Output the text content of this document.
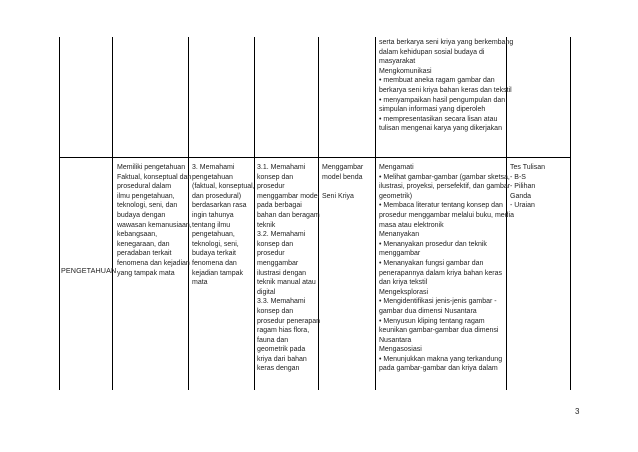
serta berkarya seni kriya yang berkembang
dalam kehidupan sosial budaya di
masyarakat
Mengkomunikasi
• membuat aneka ragam gambar dan
berkarya seni kriya bahan keras dan tekstil
• menyampaikan hasil pengumpulan dan
simpulan informasi yang diperoleh
• mempresentasikan secara lisan atau
tulisan mengenai karya yang dikerjakan
PENGETAHUAN
Memiliki pengetahuan
Faktual, konseptual dan
prosedural dalam
ilmu pengetahuan,
teknologi, seni, dan
budaya dengan
wawasan kemanusiaan,
kebangsaan,
kenegaraan, dan
peradaban terkait
fenomena dan kejadian
yang tampak mata
3. Memahami
pengetahuan
(faktual, konseptual,
dan prosedural)
berdasarkan rasa
ingin tahunya
tentang ilmu
pengetahuan,
teknologi, seni,
budaya terkait
fenomena dan
kejadian tampak
mata
3.1. Memahami
konsep dan
prosedur
menggambar model
pada berbagai
bahan dan beragam
teknik
3.2. Memahami
konsep dan
prosedur
menggambar
ilustrasi dengan
teknik manual atau
digital
3.3. Memahami
konsep dan
prosedur penerapan
ragam hias flora,
fauna dan
geometrik pada
kriya dari bahan
keras dengan
Menggambar
model benda
Seni Kriya
Mengamati
• Melihat gambar-gambar (gambar sketsa,
ilustrasi, proyeksi, persefektif, dan gambar
geometrik)
• Membaca literatur tentang konsep dan
prosedur menggambar melalui buku, media
masa atau elektronik
Menanyakan
• Menanyakan prosedur dan teknik
menggambar
• Menanyakan fungsi gambar dan
penerapannya dalam kriya bahan keras
dan kriya tekstil
Mengeksplorasi
• Mengidentifikasi jenis-jenis gambar -
gambar dua dimensi Nusantara
• Menyusun kliping tentang ragam
keunikan gambar-gambar dua dimensi
Nusantara
Mengasosiasi
• Menunjukkan makna yang terkandung
pada gambar-gambar dan kriya dalam
Tes Tulisan
- B-S
- Pilihan
Ganda
- Uraian
3
